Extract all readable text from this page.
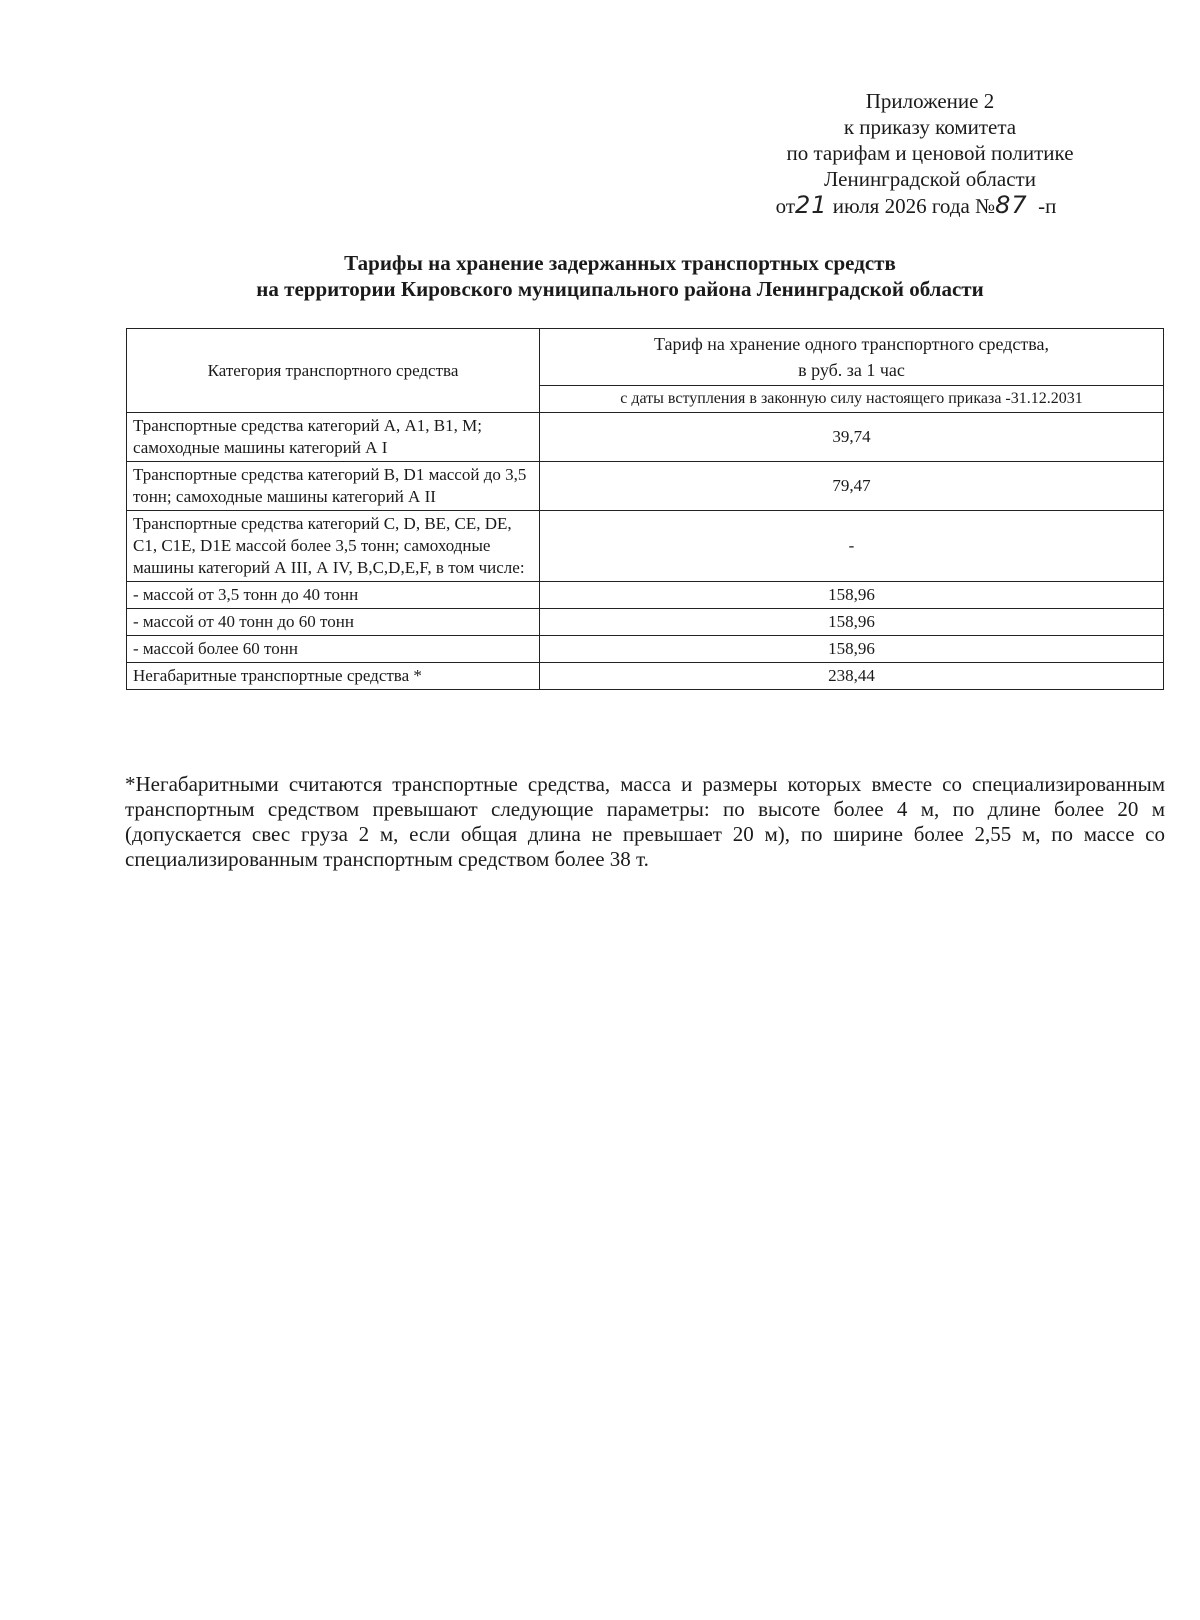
Приложение 2
к приказу комитета
по тарифам и ценовой политике
Ленинградской области
от21 июля 2026 года №87 -п
Тарифы на хранение задержанных транспортных средств
на территории Кировского муниципального района Ленинградской области
Категория транспортного средства	Тариф на хранение одного транспортного средства,
в руб. за 1 час

	с даты вступления в законную силу настоящего приказа -31.12.2031
Транспортные средства категорий А, А1, В1, М; самоходные машины категорий А I	39,74
Транспортные средства категорий В, D1 массой до 3,5 тонн; самоходные машины категорий А II	79,47
Транспортные средства категорий С, D, ВЕ, СЕ, DE, С1, С1Е, D1Е массой более 3,5 тонн; самоходные машины категорий А III, А IV, В,С,D,Е,F, в том числе:	-
- массой от 3,5 тонн до 40 тонн	158,96
- массой от 40 тонн до 60 тонн	158,96
- массой более 60 тонн	158,96
Негабаритные транспортные средства *	238,44
*Негабаритными считаются транспортные средства, масса и размеры которых вместе со специализированным транспортным средством превышают следующие параметры: по высоте более 4 м, по длине более 20 м (допускается свес груза 2 м, если общая длина не превышает 20 м), по ширине более 2,55 м, по массе со специализированным транспортным средством более 38 т.
